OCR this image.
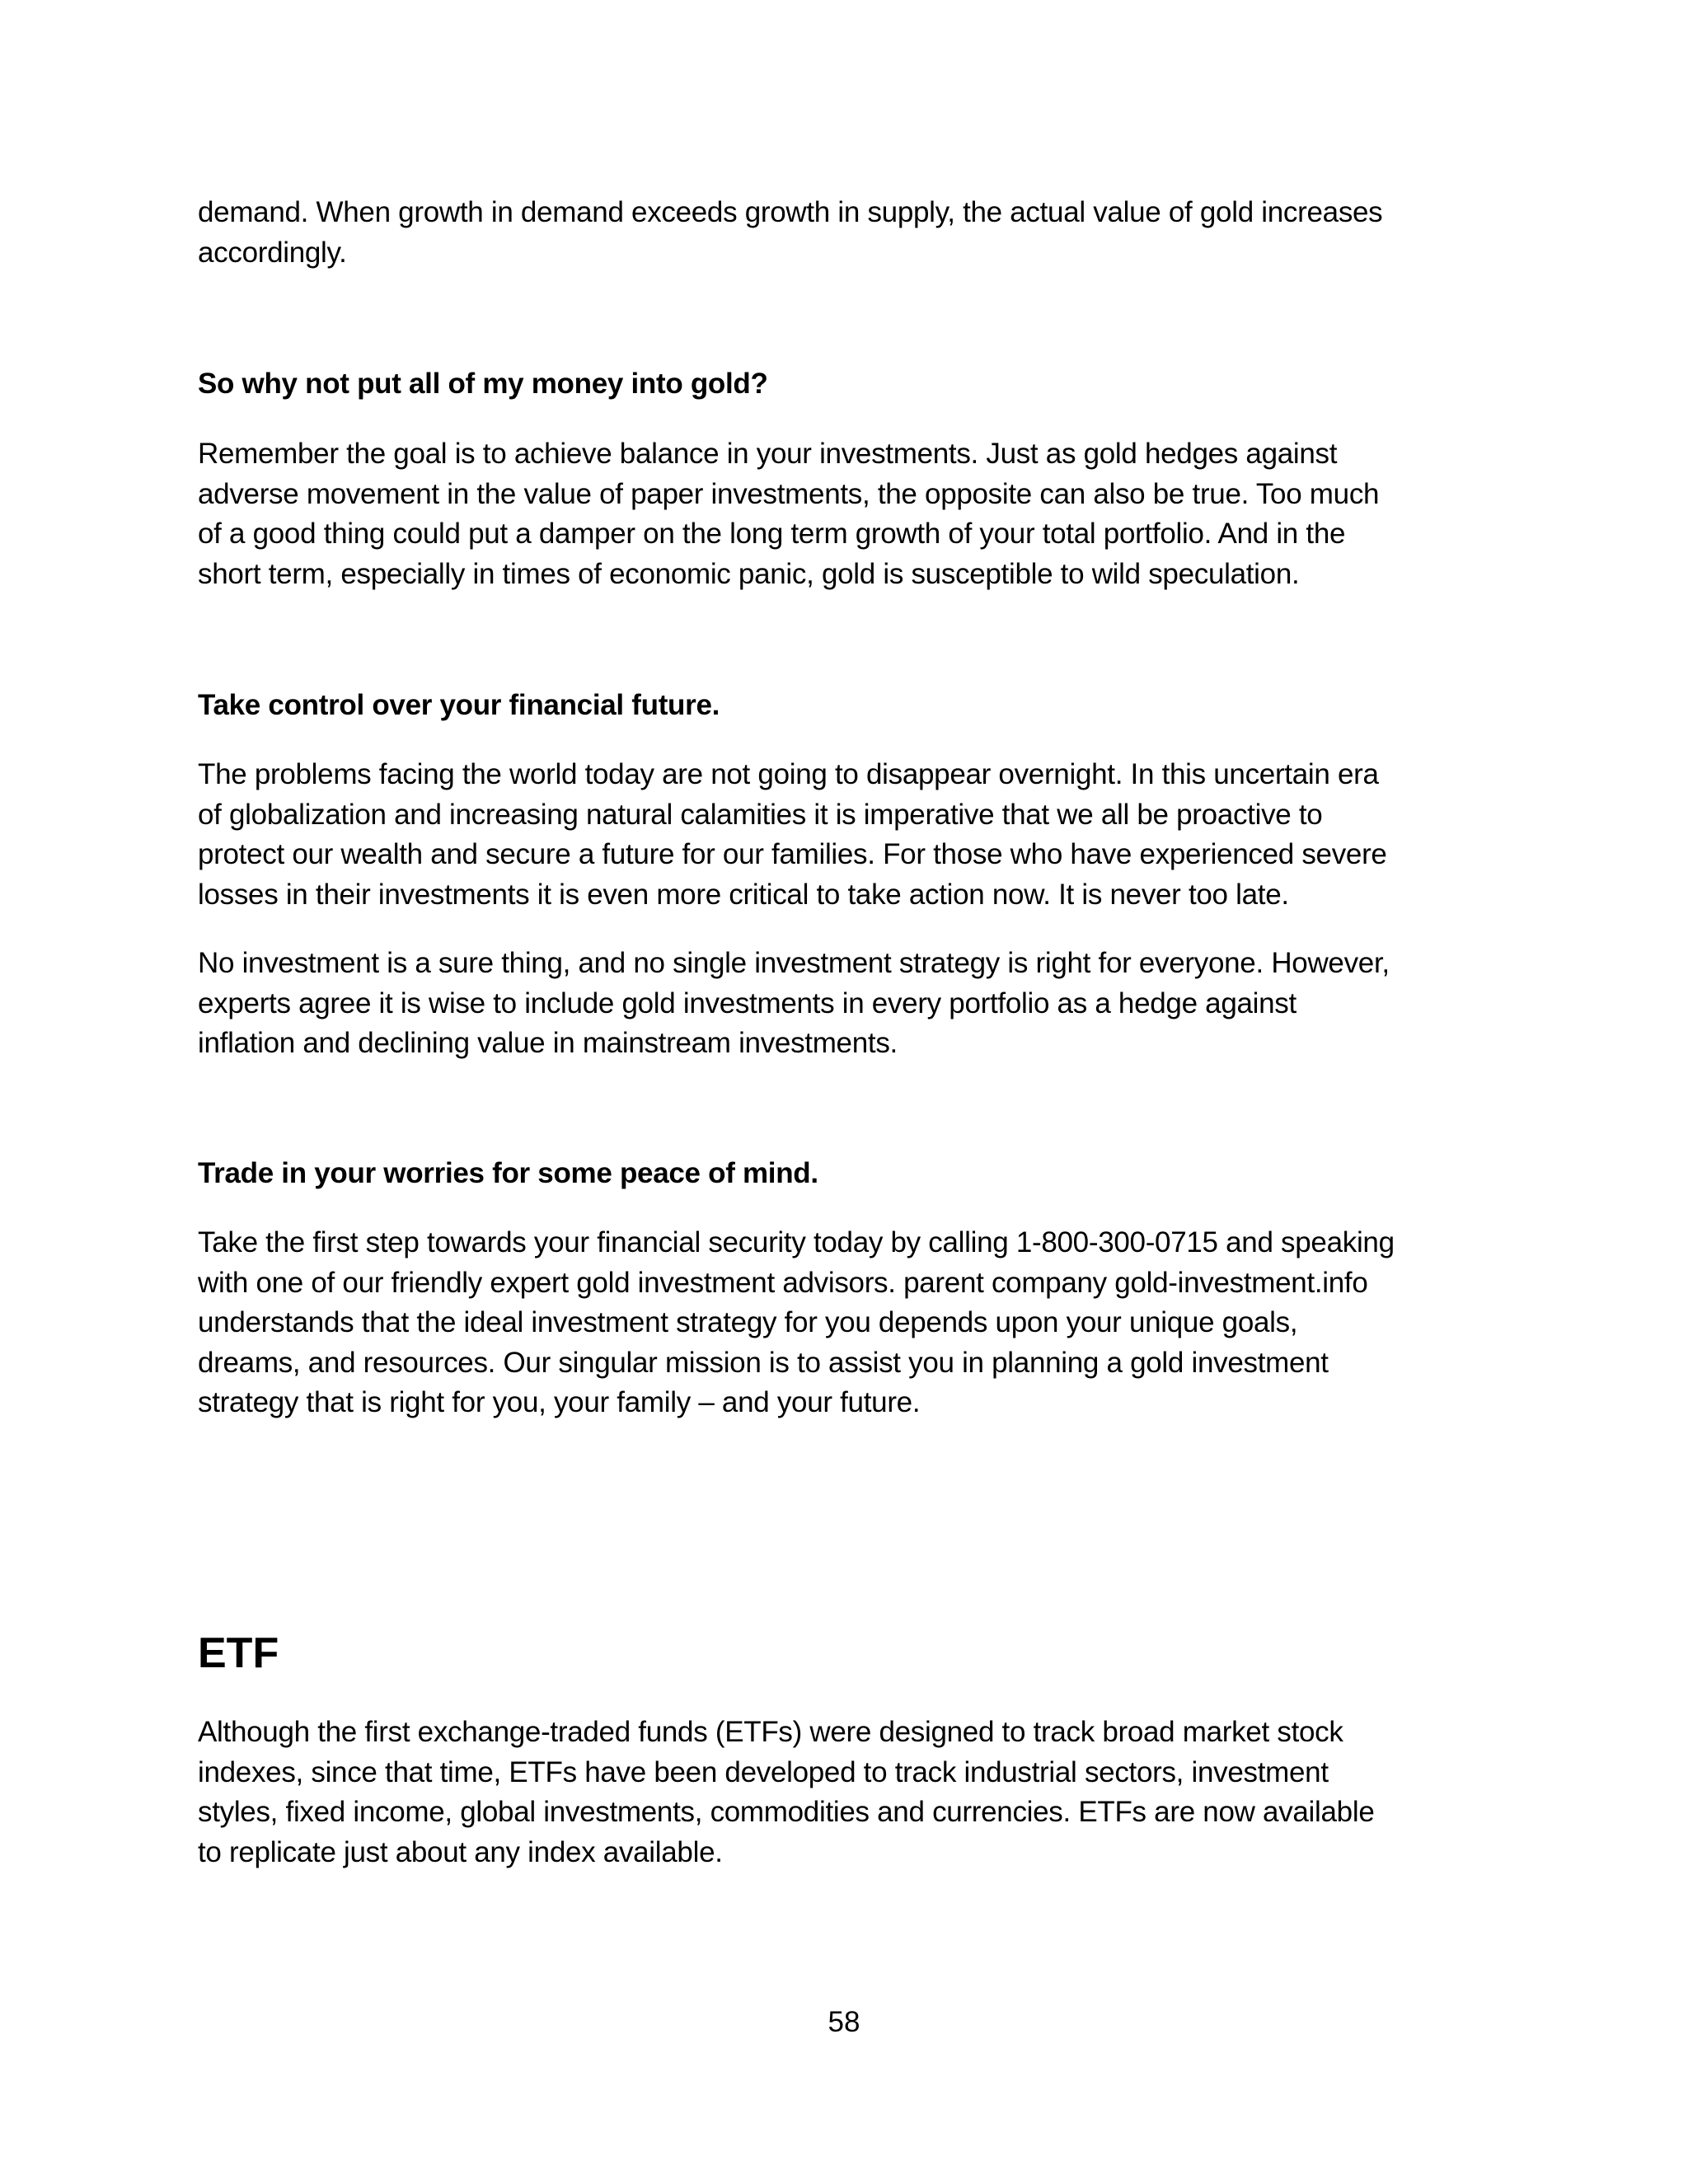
demand. When growth in demand exceeds growth in supply, the actual value of gold increases
accordingly.

So why not put all of my money into gold?

Remember the goal is to achieve balance in your investments. Just as gold hedges against
adverse movement in the value of paper investments, the opposite can also be true. Too much
of a good thing could put a damper on the long term growth of your total portfolio. And in the
short term, especially in times of economic panic, gold is susceptible to wild speculation.

Take control over your financial future.

The problems facing the world today are not going to disappear overnight. In this uncertain era
of globalization and increasing natural calamities it is imperative that we all be proactive to
protect our wealth and secure a future for our families. For those who have experienced severe
losses in their investments it is even more critical to take action now. It is never too late.

No investment is a sure thing, and no single investment strategy is right for everyone. However,
experts agree it is wise to include gold investments in every portfolio as a hedge against
inflation and declining value in mainstream investments.

Trade in your worries for some peace of mind.

Take the first step towards your financial security today by calling 1-800-300-0715 and speaking
with one of our friendly expert gold investment advisors. parent company gold-investment.info
understands that the ideal investment strategy for you depends upon your unique goals,
dreams, and resources. Our singular mission is to assist you in planning a gold investment
strategy that is right for you, your family – and your future.

ETF

Although the first exchange-traded funds (ETFs) were designed to track broad market stock
indexes, since that time, ETFs have been developed to track industrial sectors, investment
styles, fixed income, global investments, commodities and currencies. ETFs are now available
to replicate just about any index available.

58
